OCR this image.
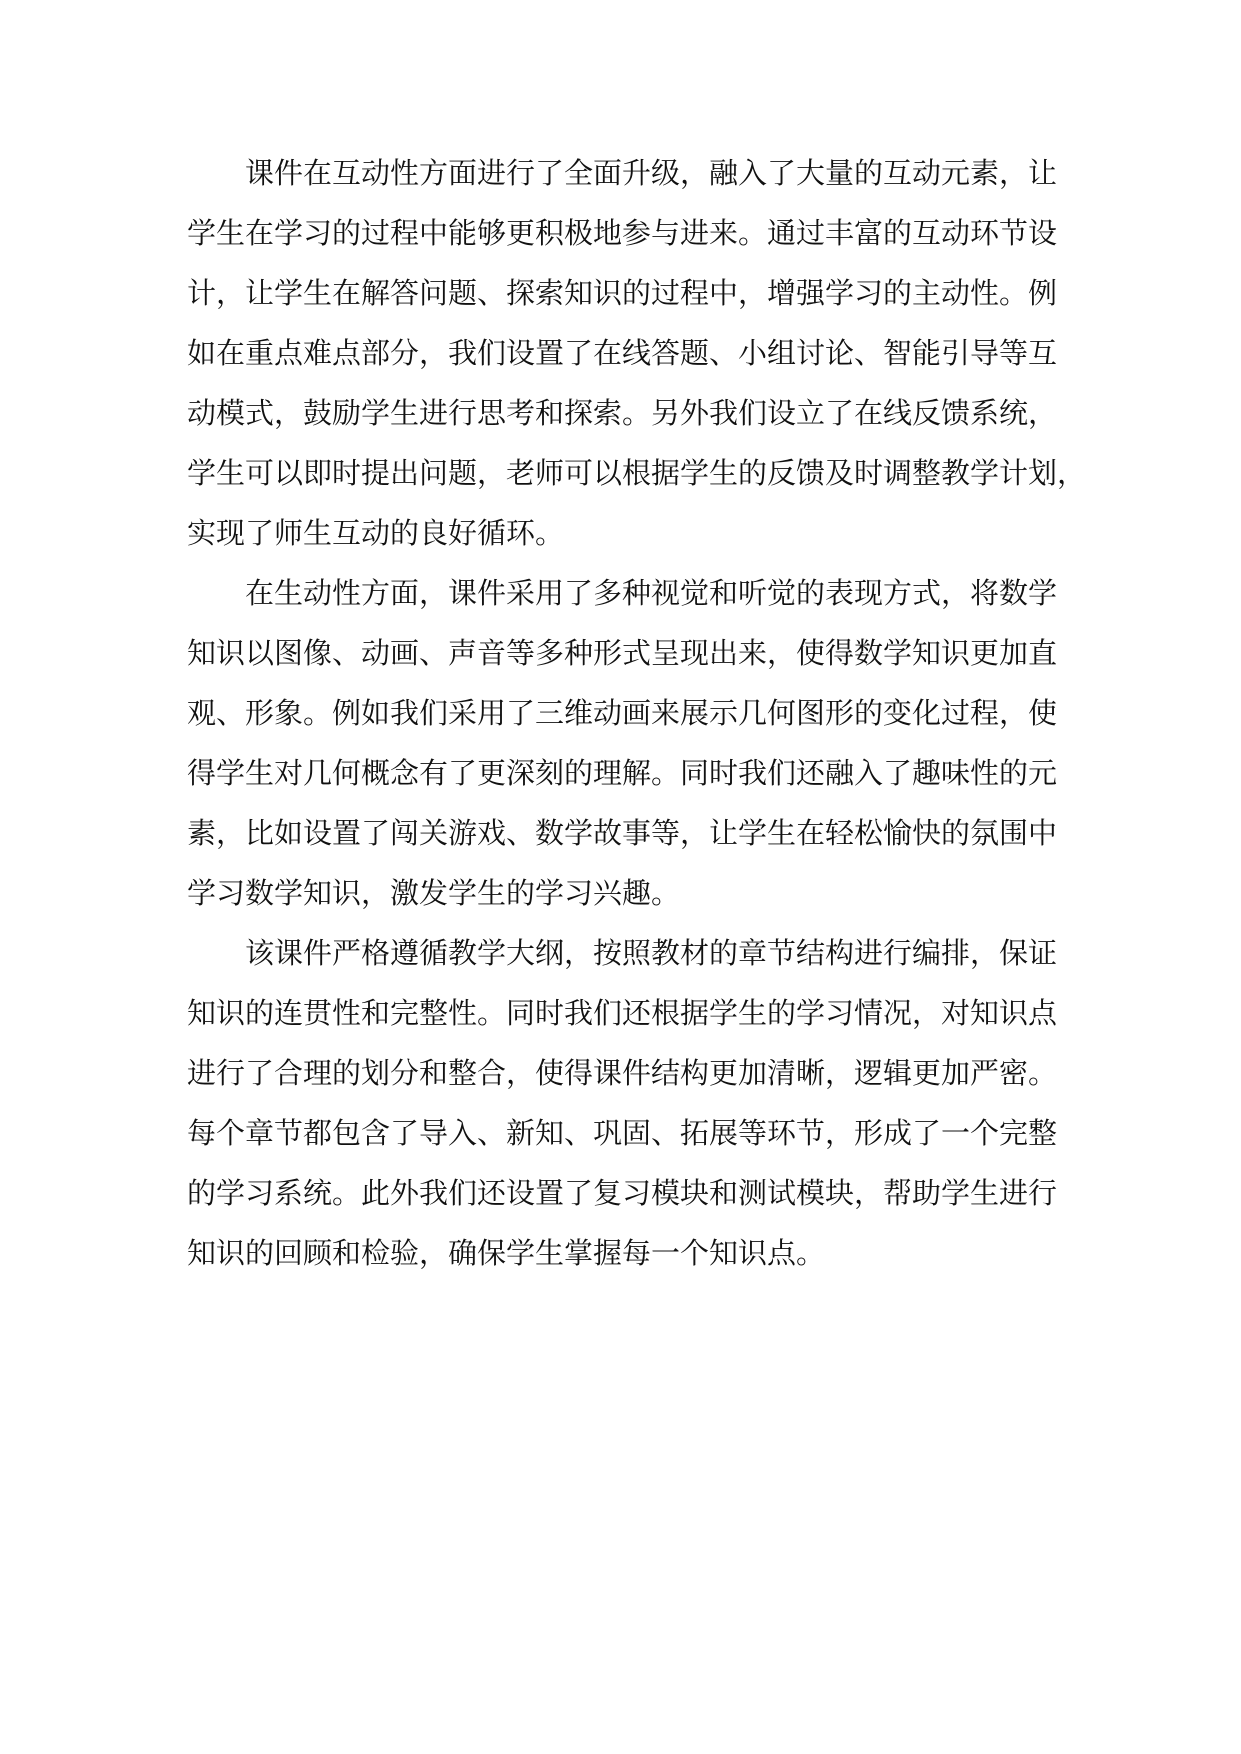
课件在互动性方面进行了全面升级，融入了大量的互动元素，让
学生在学习的过程中能够更积极地参与进来。通过丰富的互动环节设
计，让学生在解答问题、探索知识的过程中，增强学习的主动性。例
如在重点难点部分，我们设置了在线答题、小组讨论、智能引导等互
动模式，鼓励学生进行思考和探索。另外我们设立了在线反馈系统，
学生可以即时提出问题，老师可以根据学生的反馈及时调整教学计划，
实现了师生互动的良好循环。
在生动性方面，课件采用了多种视觉和听觉的表现方式，将数学
知识以图像、动画、声音等多种形式呈现出来，使得数学知识更加直
观、形象。例如我们采用了三维动画来展示几何图形的变化过程，使
得学生对几何概念有了更深刻的理解。同时我们还融入了趣味性的元
素，比如设置了闯关游戏、数学故事等，让学生在轻松愉快的氛围中
学习数学知识，激发学生的学习兴趣。
该课件严格遵循教学大纲，按照教材的章节结构进行编排，保证
知识的连贯性和完整性。同时我们还根据学生的学习情况，对知识点
进行了合理的划分和整合，使得课件结构更加清晰，逻辑更加严密。
每个章节都包含了导入、新知、巩固、拓展等环节，形成了一个完整
的学习系统。此外我们还设置了复习模块和测试模块，帮助学生进行
知识的回顾和检验，确保学生掌握每一个知识点。
